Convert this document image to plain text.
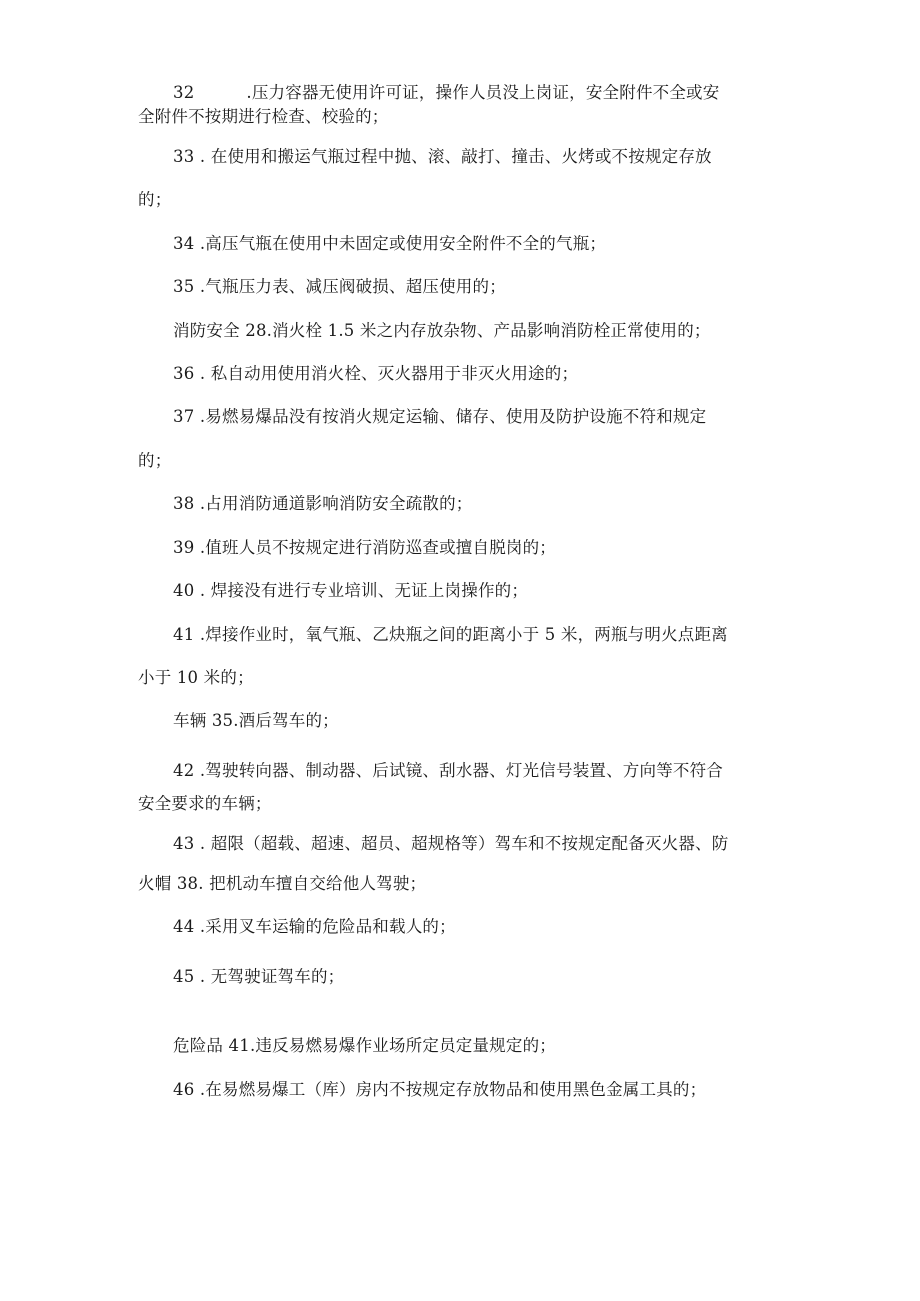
32	.压力容器无使用许可证，操作人员没上岗证，安全附件不全或安
全附件不按期进行检查、校验的；
33 . 在使用和搬运气瓶过程中抛、滚、敲打、撞击、火烤或不按规定存放
的；
34 .高压气瓶在使用中未固定或使用安全附件不全的气瓶；
35 .气瓶压力表、减压阀破损、超压使用的；
消防安全 28.消火栓 1.5 米之内存放杂物、产品影响消防栓正常使用的；
36 . 私自动用使用消火栓、灭火器用于非灭火用途的；
37 .易燃易爆品没有按消火规定运输、储存、使用及防护设施不符和规定
的；
38 .占用消防通道影响消防安全疏散的；
39 .值班人员不按规定进行消防巡查或擅自脱岗的；
40 . 焊接没有进行专业培训、无证上岗操作的；
41 .焊接作业时，氧气瓶、乙炔瓶之间的距离小于 5 米，两瓶与明火点距离
小于 10 米的；
车辆 35.酒后驾车的；
42 .驾驶转向器、制动器、后试镜、刮水器、灯光信号装置、方向等不符合
安全要求的车辆；
43 . 超限（超载、超速、超员、超规格等）驾车和不按规定配备灭火器、防
火帽 38. 把机动车擅自交给他人驾驶；
44 .采用叉车运输的危险品和载人的；
45 . 无驾驶证驾车的；
危险品 41.违反易燃易爆作业场所定员定量规定的；
46 .在易燃易爆工（库）房内不按规定存放物品和使用黑色金属工具的；
